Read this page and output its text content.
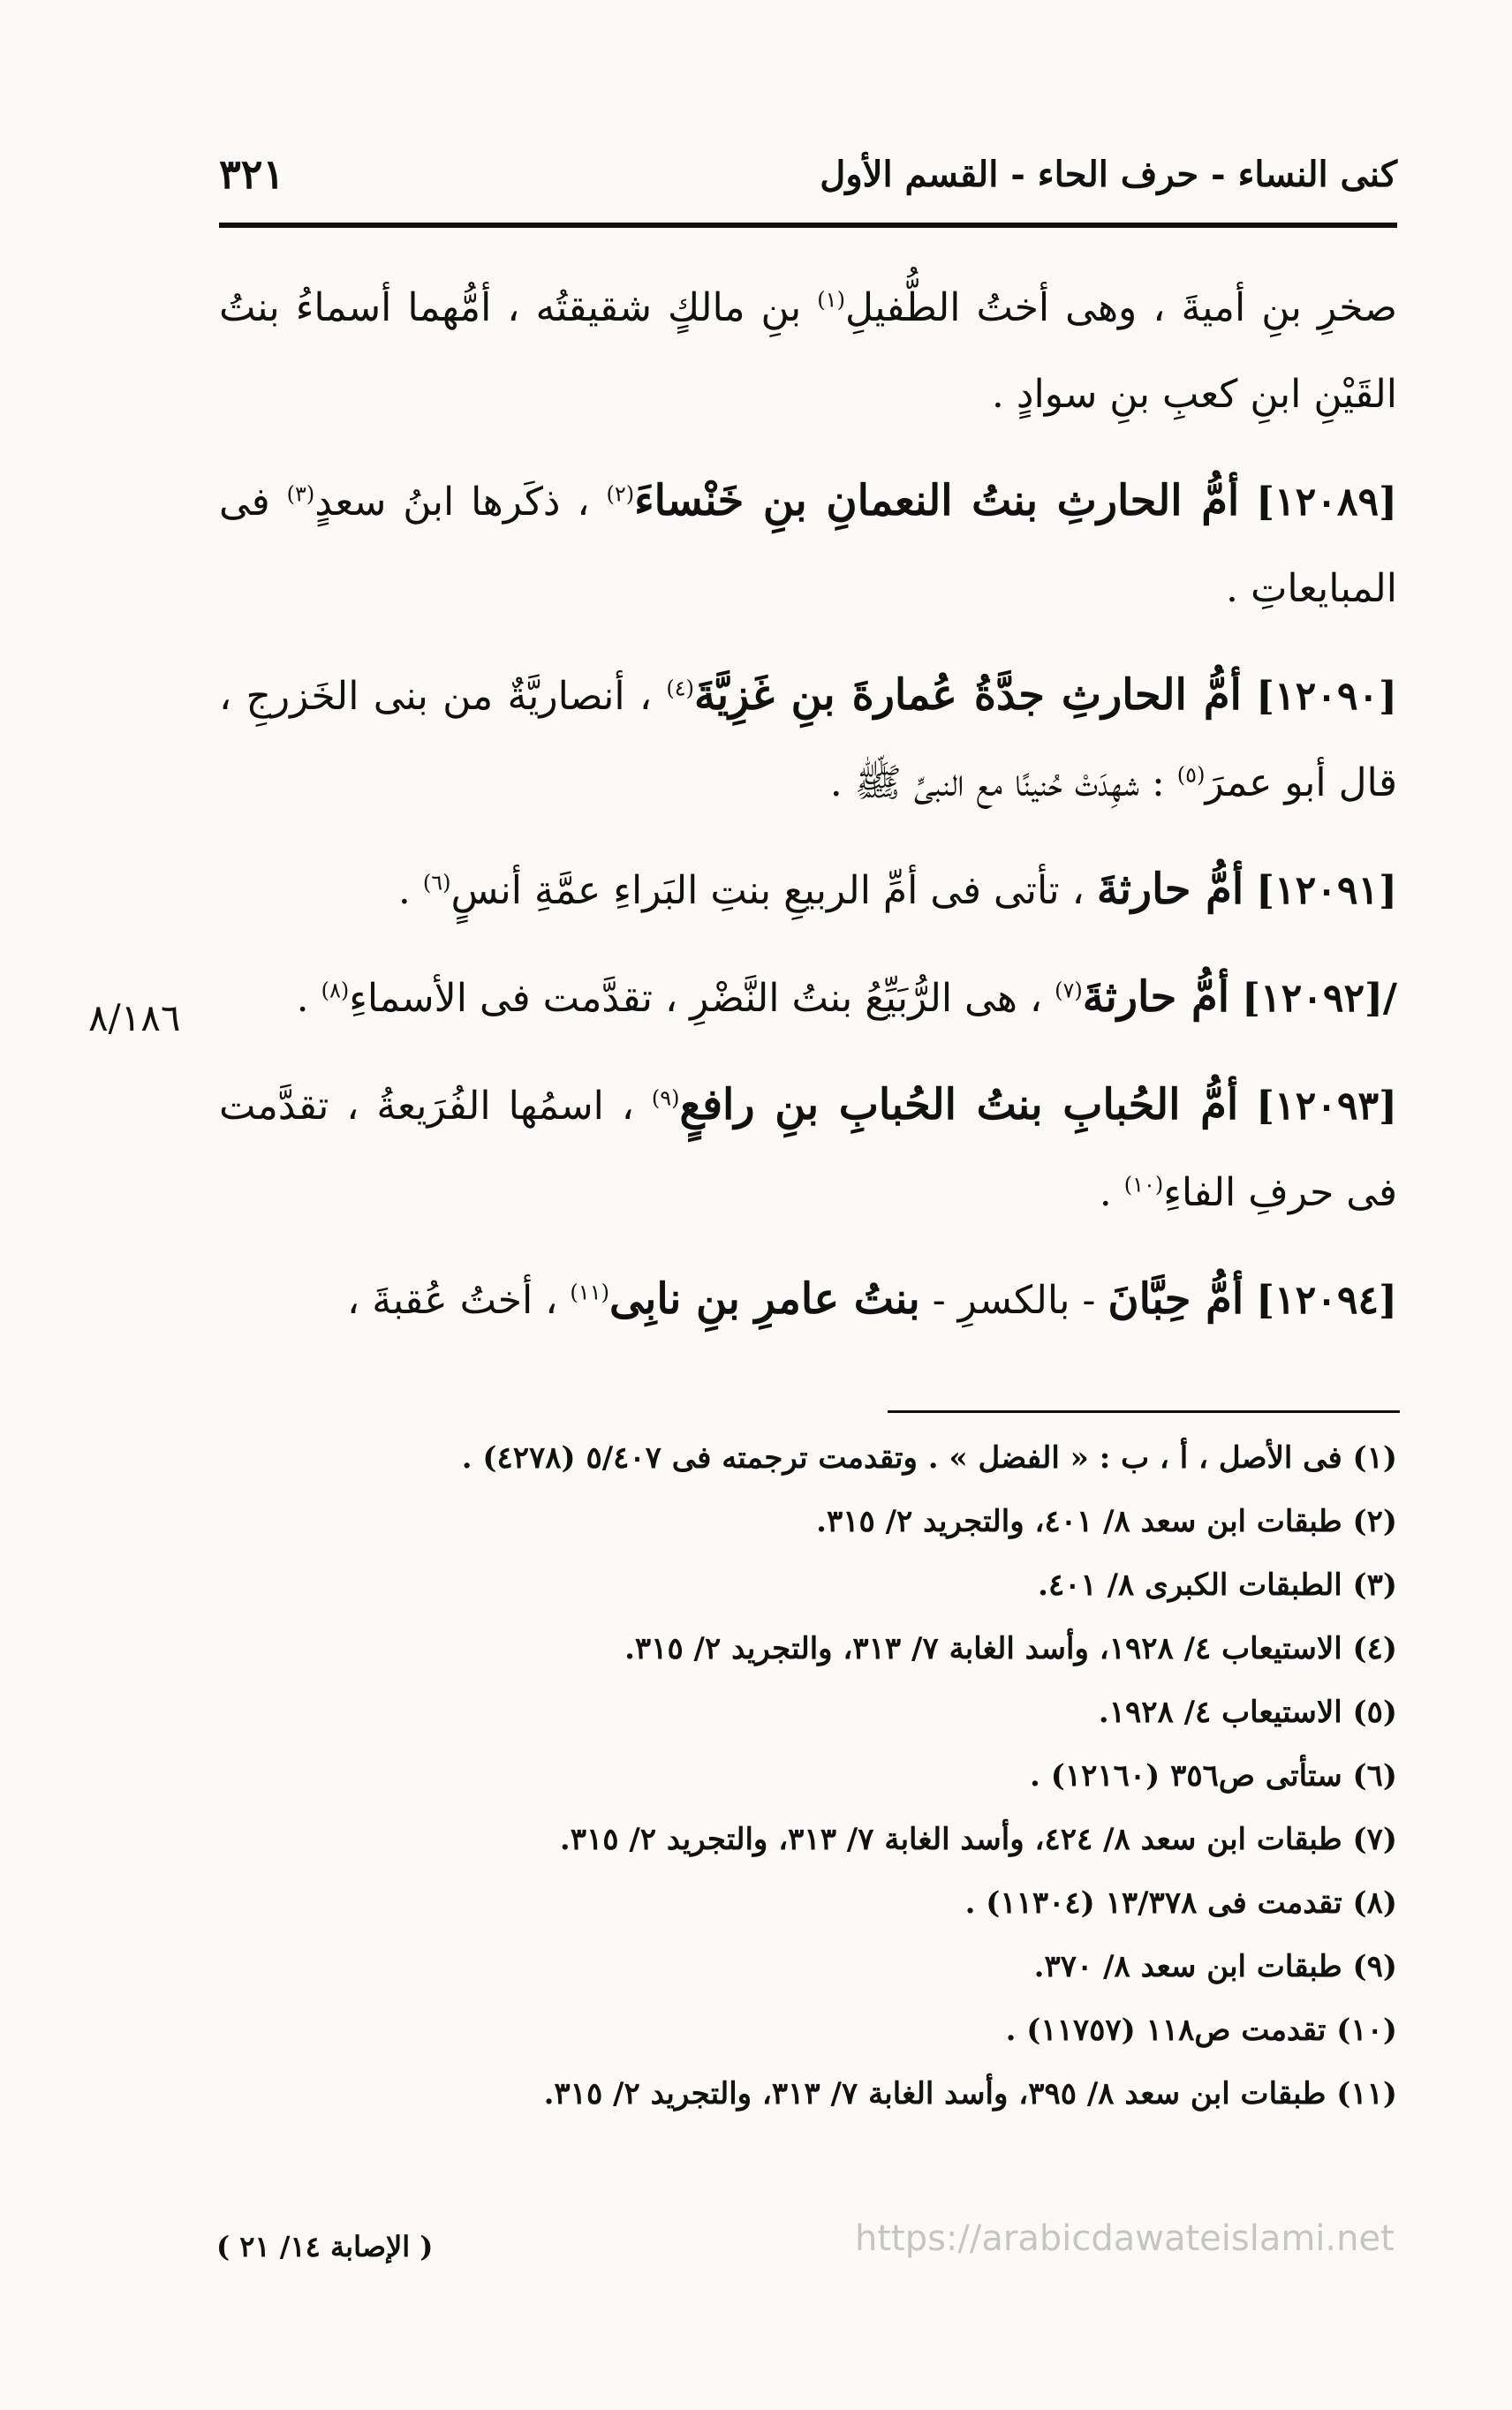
٣٢١	كنى النساء - حرف الحاء - القسم الأول

صخرِ بنِ أميةَ ، وهى أختُ الطُّفيلِ$^{(١)}$ بنِ مالكٍ شقيقتُه ، أمُّهما أسماءُ بنتُ القَيْنِ ابنِ كعبِ بنِ سوادٍ .

[١٢٠٨٩] أمُّ الحارثِ بنتُ النعمانِ بنِ خَنْساءَ$^{(٢)}$ ، ذكَرها ابنُ سعدٍ$^{(٣)}$ فى المبايعاتِ .

[١٢٠٩٠] أمُّ الحارثِ جدَّةُ عُمارةَ بنِ غَزِيَّةَ$^{(٤)}$ ، أنصاريَّةٌ من بنى الخَزرجِ ، قال أبو عمرَ$^{(٥)}$ : شهِدَتْ حُنينًا مع النبىِّ ﷺ .

[١٢٠٩١] أمُّ حارثةَ ، تأتى فى أمِّ الربيعِ بنتِ البَراءِ عمَّةِ أنسٍ$^{(٦)}$ .

/[١٢٠٩٢] أمُّ حارثةَ$^{(٧)}$ ، هى الرُّبَيِّعُ بنتُ النَّضْرِ ، تقدَّمت فى الأسماءِ$^{(٨)}$ .

[١٢٠٩٣] أمُّ الحُبابِ بنتُ الحُبابِ بنِ رافعٍ$^{(٩)}$ ، اسمُها الفُرَيعةُ ، تقدَّمت فى حرفِ الفاءِ$^{(١٠)}$ .

[١٢٠٩٤] أمُّ حِبَّانَ - بالكسرِ - بنتُ عامرِ بنِ نابِى$^{(١١)}$ ، أختُ عُقبةَ ،

٨/١٨٦
(١) فى الأصل ، أ ، ب : « الفضل » . وتقدمت ترجمته فى ٥/٤٠٧ (٤٢٧٨) .
(٢) طبقات ابن سعد ٨/ ٤٠١، والتجريد ٢/ ٣١٥.
(٣) الطبقات الكبرى ٨/ ٤٠١.
(٤) الاستيعاب ٤/ ١٩٢٨، وأسد الغابة ٧/ ٣١٣، والتجريد ٢/ ٣١٥.
(٥) الاستيعاب ٤/ ١٩٢٨.
(٦) ستأتى ص٣٥٦ (١٢١٦٠) .
(٧) طبقات ابن سعد ٨/ ٤٢٤، وأسد الغابة ٧/ ٣١٣، والتجريد ٢/ ٣١٥.
(٨) تقدمت فى ١٣/٣٧٨ (١١٣٠٤) .
(٩) طبقات ابن سعد ٨/ ٣٧٠.
(١٠) تقدمت ص١١٨ (١١٧٥٧) .
(١١) طبقات ابن سعد ٨/ ٣٩٥، وأسد الغابة ٧/ ٣١٣، والتجريد ٢/ ٣١٥.
( الإصابة ١٤/ ٢١ )	https://arabicdawateislami.net
